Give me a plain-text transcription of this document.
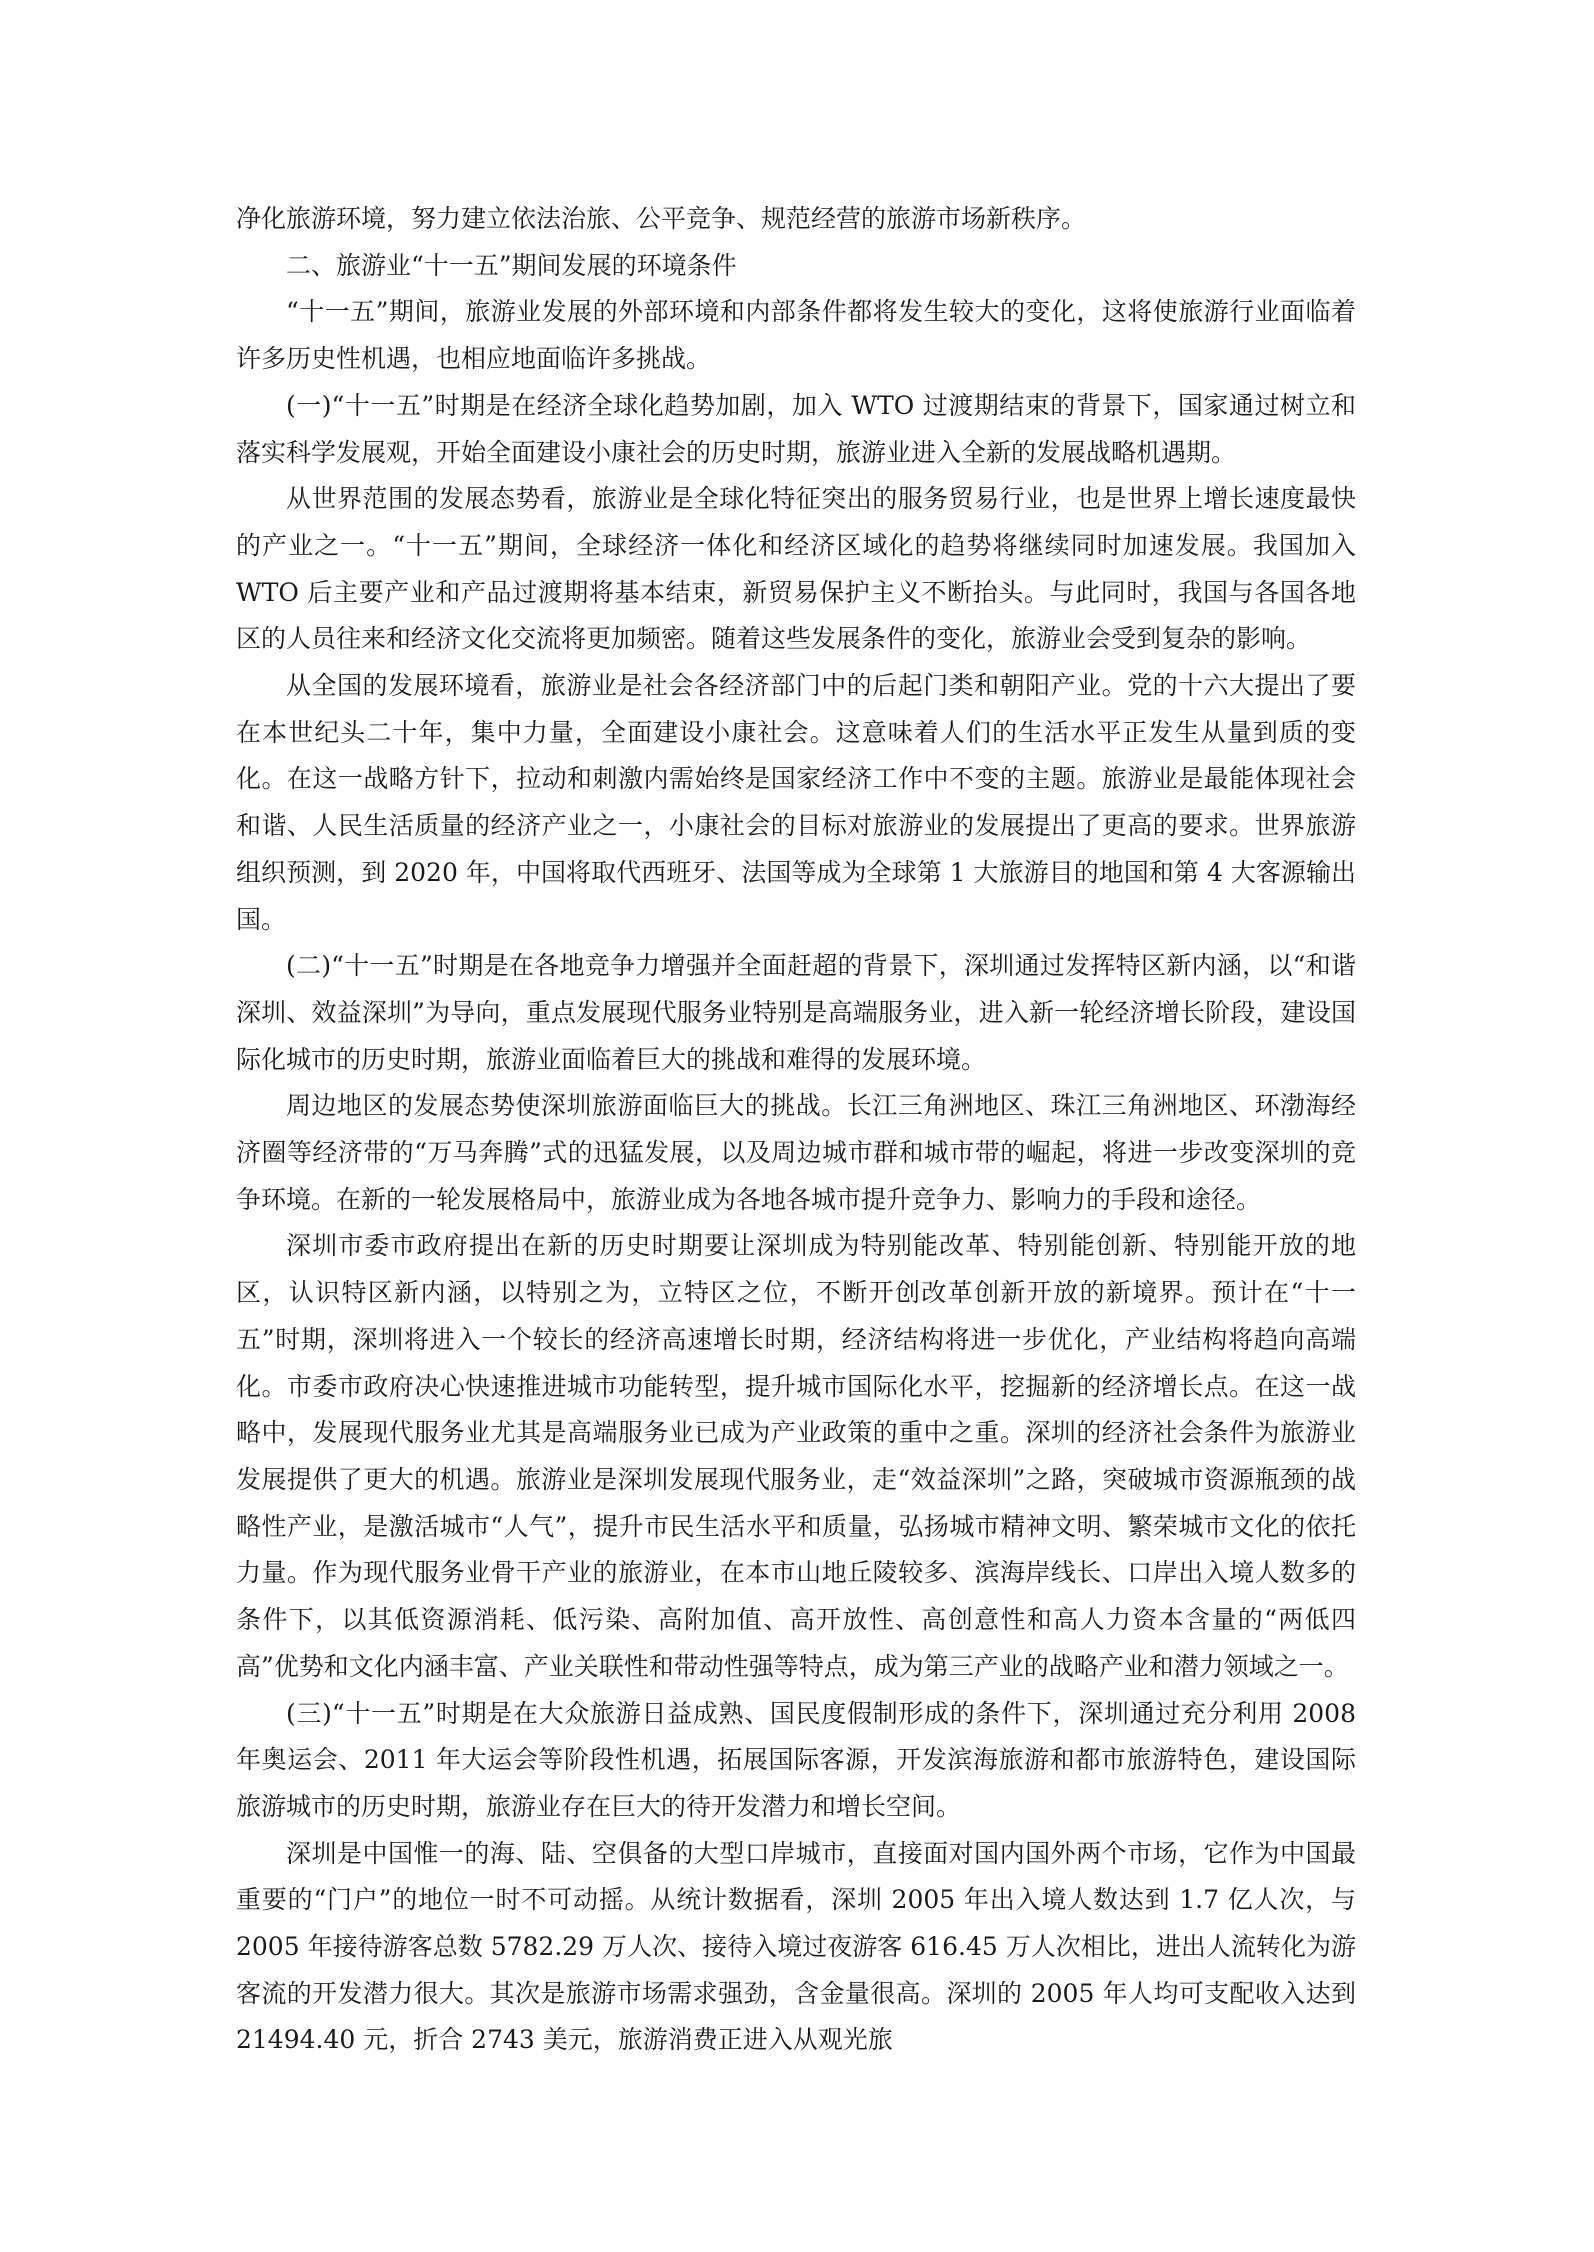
净化旅游环境，努力建立依法治旅、公平竞争、规范经营的旅游市场新秩序。

二、旅游业“十一五”期间发展的环境条件

“十一五”期间，旅游业发展的外部环境和内部条件都将发生较大的变化，这将使旅游行业面临着许多历史性机遇，也相应地面临许多挑战。

(一)“十一五”时期是在经济全球化趋势加剧，加入 WTO 过渡期结束的背景下，国家通过树立和落实科学发展观，开始全面建设小康社会的历史时期，旅游业进入全新的发展战略机遇期。

从世界范围的发展态势看，旅游业是全球化特征突出的服务贸易行业，也是世界上增长速度最快的产业之一。“十一五”期间，全球经济一体化和经济区域化的趋势将继续同时加速发展。我国加入 WTO 后主要产业和产品过渡期将基本结束，新贸易保护主义不断抬头。与此同时，我国与各国各地区的人员往来和经济文化交流将更加频密。随着这些发展条件的变化，旅游业会受到复杂的影响。

从全国的发展环境看，旅游业是社会各经济部门中的后起门类和朝阳产业。党的十六大提出了要在本世纪头二十年，集中力量，全面建设小康社会。这意味着人们的生活水平正发生从量到质的变化。在这一战略方针下，拉动和刺激内需始终是国家经济工作中不变的主题。旅游业是最能体现社会和谐、人民生活质量的经济产业之一，小康社会的目标对旅游业的发展提出了更高的要求。世界旅游组织预测，到 2020 年，中国将取代西班牙、法国等成为全球第 1 大旅游目的地国和第 4 大客源输出国。

(二)“十一五”时期是在各地竞争力增强并全面赶超的背景下，深圳通过发挥特区新内涵，以“和谐深圳、效益深圳”为导向，重点发展现代服务业特别是高端服务业，进入新一轮经济增长阶段，建设国际化城市的历史时期，旅游业面临着巨大的挑战和难得的发展环境。

周边地区的发展态势使深圳旅游面临巨大的挑战。长江三角洲地区、珠江三角洲地区、环渤海经济圈等经济带的“万马奔腾”式的迅猛发展，以及周边城市群和城市带的崛起，将进一步改变深圳的竞争环境。在新的一轮发展格局中，旅游业成为各地各城市提升竞争力、影响力的手段和途径。

深圳市委市政府提出在新的历史时期要让深圳成为特别能改革、特别能创新、特别能开放的地区，认识特区新内涵，以特别之为，立特区之位，不断开创改革创新开放的新境界。预计在“十一五”时期，深圳将进入一个较长的经济高速增长时期，经济结构将进一步优化，产业结构将趋向高端化。市委市政府决心快速推进城市功能转型，提升城市国际化水平，挖掘新的经济增长点。在这一战略中，发展现代服务业尤其是高端服务业已成为产业政策的重中之重。深圳的经济社会条件为旅游业发展提供了更大的机遇。旅游业是深圳发展现代服务业，走“效益深圳”之路，突破城市资源瓶颈的战略性产业，是激活城市“人气”，提升市民生活水平和质量，弘扬城市精神文明、繁荣城市文化的依托力量。作为现代服务业骨干产业的旅游业，在本市山地丘陵较多、滨海岸线长、口岸出入境人数多的条件下，以其低资源消耗、低污染、高附加值、高开放性、高创意性和高人力资本含量的“两低四高”优势和文化内涵丰富、产业关联性和带动性强等特点，成为第三产业的战略产业和潜力领域之一。

(三)“十一五”时期是在大众旅游日益成熟、国民度假制形成的条件下，深圳通过充分利用 2008 年奥运会、2011 年大运会等阶段性机遇，拓展国际客源，开发滨海旅游和都市旅游特色，建设国际旅游城市的历史时期，旅游业存在巨大的待开发潜力和增长空间。

深圳是中国惟一的海、陆、空俱备的大型口岸城市，直接面对国内国外两个市场，它作为中国最重要的“门户”的地位一时不可动摇。从统计数据看，深圳 2005 年出入境人数达到 1.7 亿人次，与 2005 年接待游客总数 5782.29 万人次、接待入境过夜游客 616.45 万人次相比，进出人流转化为游客流的开发潜力很大。其次是旅游市场需求强劲，含金量很高。深圳的 2005 年人均可支配收入达到 21494.40 元，折合 2743 美元，旅游消费正进入从观光旅
